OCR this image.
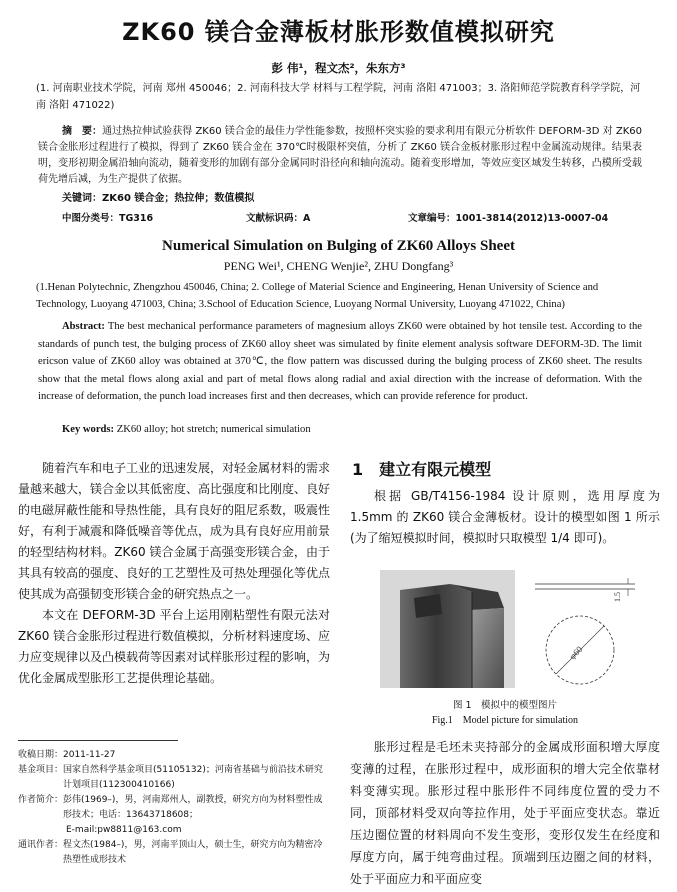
ZK60 镁合金薄板材胀形数值模拟研究
彭 伟¹，程文杰²，朱东方³
(1. 河南职业技术学院，河南 郑州 450046；2. 河南科技大学 材料与工程学院，河南 洛阳 471003；3. 洛阳师范学院教育科学学院，河南 洛阳 471022)
摘　要：通过热拉伸试验获得 ZK60 镁合金的最佳力学性能参数，按照杯突实验的要求利用有限元分析软件 DEFORM-3D 对 ZK60 镁合金胀形过程进行了模拟，得到了 ZK60 镁合金在 370℃时极限杯突值，分析了 ZK60 镁合金板材胀形过程中金属流动规律。结果表明，变形初期金属沿轴向流动，随着变形的加剧有部分金属同时沿径向和轴向流动。随着变形增加，等效应变区域发生转移，凸模所受载荷先增后减，为生产提供了依据。
关键词：ZK60 镁合金；热拉伸；数值模拟
中图分类号：TG316	文献标识码：A	文章编号：1001-3814(2012)13-0007-04
Numerical Simulation on Bulging of ZK60 Alloys Sheet
PENG Wei¹, CHENG Wenjie², ZHU Dongfang³
(1.Henan Polytechnic, Zhengzhou 450046, China; 2. College of Material Science and Engineering, Henan University of Science and Technology, Luoyang 471003, China; 3.School of Education Science, Luoyang Normal University, Luoyang 471022, China)
Abstract: The best mechanical performance parameters of magnesium alloys ZK60 were obtained by hot tensile test. According to the standards of punch test, the bulging process of ZK60 alloy sheet was simulated by finite element analysis software DEFORM-3D. The limit ericson value of ZK60 alloy was obtained at 370℃, the flow pattern was discussed during the bulging process of ZK60 sheet. The results show that the metal flows along axial and part of metal flows along radial and axial direction with the increase of deformation. With the increase of deformation, the punch load increases first and then decreases, which can provide reference for product.
Key words: ZK60 alloy; hot stretch; numerical simulation

随着汽车和电子工业的迅速发展，对轻金属材料的需求量越来越大，镁合金以其低密度、高比强度和比刚度、良好的电磁屏蔽性能和导热性能，具有良好的阻尼系数，吸震性好，有利于减震和降低噪音等优点，成为具有良好应用前景的轻型结构材料。ZK60 镁合金属于高强变形镁合金，由于其具有较高的强度、良好的工艺塑性及可热处理强化等优点使其成为高强韧变形镁合金的研究热点之一。

本文在 DEFORM-3D 平台上运用刚粘塑性有限元法对 ZK60 镁合金胀形过程进行数值模拟，分析材料速度场、应力应变规律以及凸模载荷等因素对试样胀形过程的影响，为优化金属成型胀形工艺提供理论基础。

收稿日期：2011-11-27
基金项目： 国家自然科学基金项目(51105132)；河南省基础与前沿技术研究计划项目(112300410166)
作者简介： 彭伟(1969–)，男，河南郑州人，副教授，研究方向为材料塑性成形技术；电话：13643718608；
E-mail:pw8811@163.com
通讯作者： 程文杰(1984–)，男，河南平顶山人，硕士生，研究方向为精密冷热塑性成形技术
1　建立有限元模型
根据 GB/T4156-1984 设计原则，选用厚度为 1.5mm 的 ZK60 镁合金薄板材。设计的模型如图 1 所示(为了缩短模拟时间，模拟时只取模型 1/4 即可)。
1.5
φ60
图 1　模拟中的模型图片
Fig.1　Model picture for simulation
胀形过程是毛坯未夹持部分的金属成形面积增大厚度变薄的过程，在胀形过程中，成形面积的增大完全依靠材料变薄实现。胀形过程中胀形件不同纬度位置的受力不同，顶部材料受双向等拉作用，处于平面应变状态。靠近压边圈位置的材料周向不发生变形，变形仅发生在经度和厚度方向，属于纯弯曲过程。顶端到压边圈之间的材料，处于平面应力和平面应变
